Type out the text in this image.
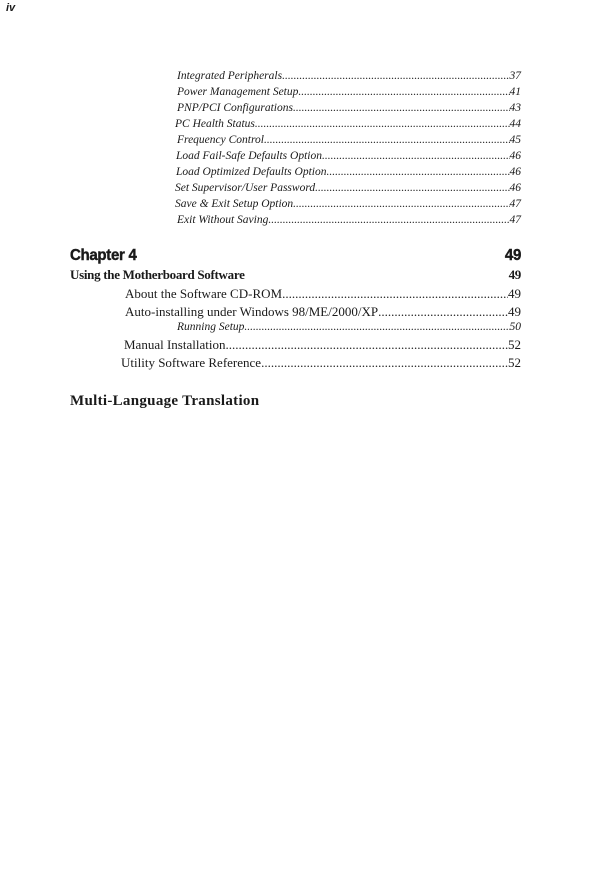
iv
Integrated Peripherals .....	37
Power Management Setup .....	41
PNP/PCI Configurations .....	43
PC Health Status .....	44
Frequency Control .....	45
Load Fail-Safe Defaults Option .....	46
Load Optimized Defaults Option .....	46
Set Supervisor/User Password .....	46
Save & Exit Setup Option .....	47
Exit Without Saving .....	47
Chapter 4	49
Using the Motherboard Software	49
About the Software CD-ROM .....	49
Auto-installing under Windows 98/ME/2000/XP .....	49
Running Setup .....	50
Manual Installation .....	52
Utility Software Reference .....	52
Multi-Language Translation
